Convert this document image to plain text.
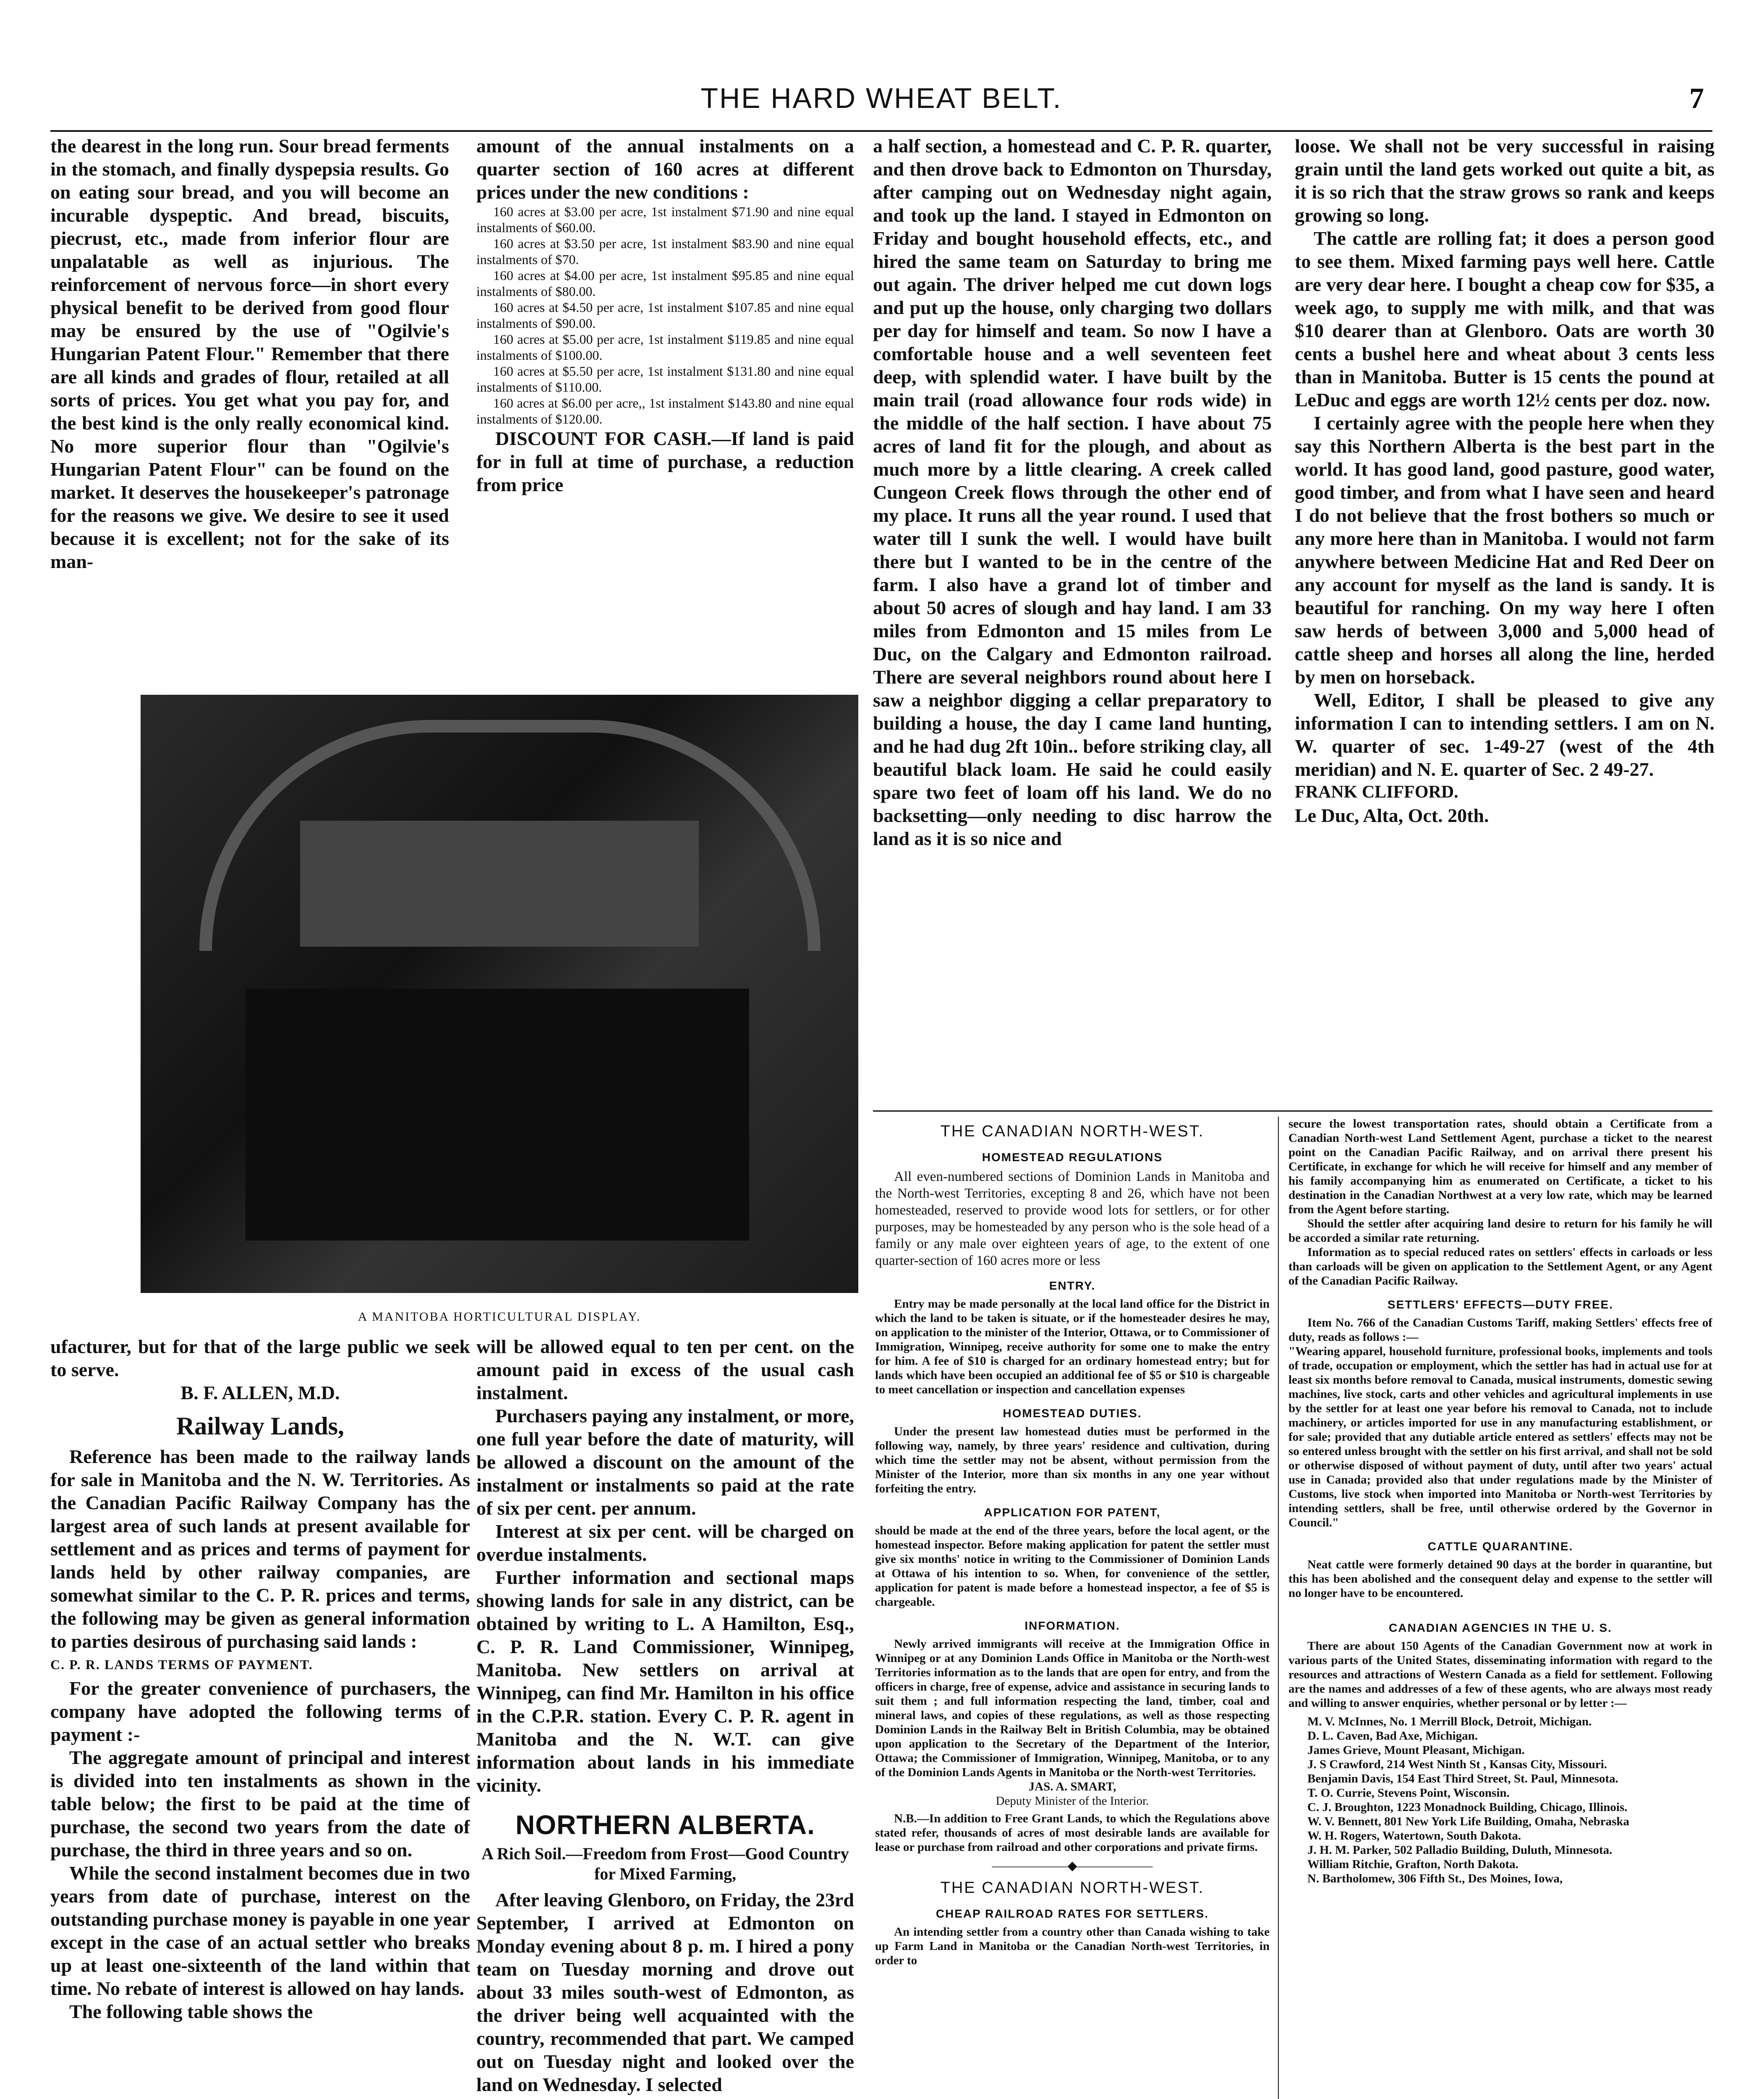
THE HARD WHEAT BELT.	7

the dearest in the long run. Sour bread ferments in the stomach, and finally dyspepsia results. Go on eating sour bread, and you will become an incurable dyspeptic. And bread, biscuits, piecrust, etc., made from inferior flour are unpalatable as well as injurious. The reinforcement of nervous force—in short every physical benefit to be derived from good flour may be ensured by the use of "Ogilvie's Hungarian Patent Flour." Remember that there are all kinds and grades of flour, retailed at all sorts of prices. You get what you pay for, and the best kind is the only really economical kind. No more superior flour than "Ogilvie's Hungarian Patent Flour" can be found on the market. It deserves the housekeeper's patronage for the reasons we give. We desire to see it used because it is excellent; not for the sake of its man-

amount of the annual instalments on a quarter section of 160 acres at different prices under the new conditions :

160 acres at $3.00 per acre, 1st instalment $71.90 and nine equal instalments of $60.00.

160 acres at $3.50 per acre, 1st instalment $83.90 and nine equal instalments of $70.

160 acres at $4.00 per acre, 1st instalment $95.85 and nine equal instalments of $80.00.

160 acres at $4.50 per acre, 1st instalment $107.85 and nine equal instalments of $90.00.

160 acres at $5.00 per acre, 1st instalment $119.85 and nine equal instalments of $100.00.

160 acres at $5.50 per acre, 1st instalment $131.80 and nine equal instalments of $110.00.

160 acres at $6.00 per acre,, 1st instalment $143.80 and nine equal instalments of $120.00.

DISCOUNT FOR CASH.—If land is paid for in full at time of purchase, a reduction from price

a half section, a homestead and C. P. R. quarter, and then drove back to Edmonton on Thursday, after camping out on Wednesday night again, and took up the land. I stayed in Edmonton on Friday and bought household effects, etc., and hired the same team on Saturday to bring me out again. The driver helped me cut down logs and put up the house, only charging two dollars per day for himself and team. So now I have a comfortable house and a well seventeen feet deep, with splendid water. I have built by the main trail (road allowance four rods wide) in the middle of the half section. I have about 75 acres of land fit for the plough, and about as much more by a little clearing. A creek called Cungeon Creek flows through the other end of my place. It runs all the year round. I used that water till I sunk the well. I would have built there but I wanted to be in the centre of the farm. I also have a grand lot of timber and about 50 acres of slough and hay land. I am 33 miles from Edmonton and 15 miles from Le Duc, on the Calgary and Edmonton railroad. There are several neighbors round about here I saw a neighbor digging a cellar preparatory to building a house, the day I came land hunting, and he had dug 2ft 10in.. before striking clay, all beautiful black loam. He said he could easily spare two feet of loam off his land. We do no backsetting—only needing to disc harrow the land as it is so nice and

loose. We shall not be very successful in raising grain until the land gets worked out quite a bit, as it is so rich that the straw grows so rank and keeps growing so long.

The cattle are rolling fat; it does a person good to see them. Mixed farming pays well here. Cattle are very dear here. I bought a cheap cow for $35, a week ago, to supply me with milk, and that was $10 dearer than at Glenboro. Oats are worth 30 cents a bushel here and wheat about 3 cents less than in Manitoba. Butter is 15 cents the pound at LeDuc and eggs are worth 12½ cents per doz. now.

I certainly agree with the people here when they say this Northern Alberta is the best part in the world. It has good land, good pasture, good water, good timber, and from what I have seen and heard I do not believe that the frost bothers so much or any more here than in Manitoba. I would not farm anywhere between Medicine Hat and Red Deer on any account for myself as the land is sandy. It is beautiful for ranching. On my way here I often saw herds of between 3,000 and 5,000 head of cattle sheep and horses all along the line, herded by men on horseback.

Well, Editor, I shall be pleased to give any information I can to intending settlers. I am on N. W. quarter of sec. 1-49-27 (west of the 4th meridian) and N. E. quarter of Sec. 2 49-27.

FRANK CLIFFORD.

Le Duc, Alta, Oct. 20th.

A MANITOBA HORTICULTURAL DISPLAY.

ufacturer, but for that of the large public we seek to serve.

B. F. ALLEN, M.D.

Railway Lands,

Reference has been made to the railway lands for sale in Manitoba and the N. W. Territories. As the Canadian Pacific Railway Company has the largest area of such lands at present available for settlement and as prices and terms of payment for lands held by other railway companies, are somewhat similar to the C. P. R. prices and terms, the following may be given as general information to parties desirous of purchasing said lands :

C. P. R. LANDS TERMS OF PAYMENT.

For the greater convenience of purchasers, the company have adopted the following terms of payment :-

The aggregate amount of principal and interest is divided into ten instalments as shown in the table below; the first to be paid at the time of purchase, the second two years from the date of purchase, the third in three years and so on.

While the second instalment becomes due in two years from date of purchase, interest on the outstanding purchase money is payable in one year except in the case of an actual settler who breaks up at least one-sixteenth of the land within that time. No rebate of interest is allowed on hay lands.

The following table shows the

will be allowed equal to ten per cent. on the amount paid in excess of the usual cash instalment.

Purchasers paying any instalment, or more, one full year before the date of maturity, will be allowed a discount on the amount of the instalment or instalments so paid at the rate of six per cent. per annum.

Interest at six per cent. will be charged on overdue instalments.

Further information and sectional maps showing lands for sale in any district, can be obtained by writing to L. A Hamilton, Esq., C. P. R. Land Commissioner, Winnipeg, Manitoba. New settlers on arrival at Winnipeg, can find Mr. Hamilton in his office in the C.P.R. station. Every C. P. R. agent in Manitoba and the N. W.T. can give information about lands in his immediate vicinity.

NORTHERN ALBERTA.
A Rich Soil.—Freedom from Frost—Good Country for Mixed Farming,

After leaving Glenboro, on Friday, the 23rd September, I arrived at Edmonton on Monday evening about 8 p. m. I hired a pony team on Tuesday morning and drove out about 33 miles south-west of Edmonton, as the driver being well acquainted with the country, recommended that part. We camped out on Tuesday night and looked over the land on Wednesday. I selected

THE CANADIAN NORTH-WEST.
HOMESTEAD REGULATIONS

All even-numbered sections of Dominion Lands in Manitoba and the North-west Territories, excepting 8 and 26, which have not been homesteaded, reserved to provide wood lots for settlers, or for other purposes, may be homesteaded by any person who is the sole head of a family or any male over eighteen years of age, to the extent of one quarter-section of 160 acres more or less

ENTRY.

Entry may be made personally at the local land office for the District in which the land to be taken is situate, or if the homesteader desires he may, on application to the minister of the Interior, Ottawa, or to Commissioner of Immigration, Winnipeg, receive authority for some one to make the entry for him. A fee of $10 is charged for an ordinary homestead entry; but for lands which have been occupied an additional fee of $5 or $10 is chargeable to meet cancellation or inspection and cancellation expenses

HOMESTEAD DUTIES.

Under the present law homestead duties must be performed in the following way, namely, by three years' residence and cultivation, during which time the settler may not be absent, without permission from the Minister of the Interior, more than six months in any one year without forfeiting the entry.

APPLICATION FOR PATENT,

should be made at the end of the three years, before the local agent, or the homestead inspector. Before making application for patent the settler must give six months' notice in writing to the Commissioner of Dominion Lands at Ottawa of his intention to so. When, for convenience of the settler, application for patent is made before a homestead inspector, a fee of $5 is chargeable.

INFORMATION.

Newly arrived immigrants will receive at the Immigration Office in Winnipeg or at any Dominion Lands Office in Manitoba or the North-west Territories information as to the lands that are open for entry, and from the officers in charge, free of expense, advice and assistance in securing lands to suit them ; and full information respecting the land, timber, coal and mineral laws, and copies of these regulations, as well as those respecting Dominion Lands in the Railway Belt in British Columbia, may be obtained upon application to the Secretary of the Department of the Interior, Ottawa; the Commissioner of Immigration, Winnipeg, Manitoba, or to any of the Dominion Lands Agents in Manitoba or the North-west Territories.

JAS. A. SMART,

Deputy Minister of the Interior.

N.B.—In addition to Free Grant Lands, to which the Regulations above stated refer, thousands of acres of most desirable lands are available for lease or purchase from railroad and other corporations and private firms.

——————◆——————
THE CANADIAN NORTH-WEST.
CHEAP RAILROAD RATES FOR SETTLERS.

An intending settler from a country other than Canada wishing to take up Farm Land in Manitoba or the Canadian North-west Territories, in order to

secure the lowest transportation rates, should obtain a Certificate from a Canadian North-west Land Settlement Agent, purchase a ticket to the nearest point on the Canadian Pacific Railway, and on arrival there present his Certificate, in exchange for which he will receive for himself and any member of his family accompanying him as enumerated on Certificate, a ticket to his destination in the Canadian Northwest at a very low rate, which may be learned from the Agent before starting.

Should the settler after acquiring land desire to return for his family he will be accorded a similar rate returning.

Information as to special reduced rates on settlers' effects in carloads or less than carloads will be given on application to the Settlement Agent, or any Agent of the Canadian Pacific Railway.

SETTLERS' EFFECTS—DUTY FREE.

Item No. 766 of the Canadian Customs Tariff, making Settlers' effects free of duty, reads as follows :—

"Wearing apparel, household furniture, professional books, implements and tools of trade, occupation or employment, which the settler has had in actual use for at least six months before removal to Canada, musical instruments, domestic sewing machines, live stock, carts and other vehicles and agricultural implements in use by the settler for at least one year before his removal to Canada, not to include machinery, or articles imported for use in any manufacturing establishment, or for sale; provided that any dutiable article entered as settlers' effects may not be so entered unless brought with the settler on his first arrival, and shall not be sold or otherwise disposed of without payment of duty, until after two years' actual use in Canada; provided also that under regulations made by the Minister of Customs, live stock when imported into Manitoba or North-west Territories by intending settlers, shall be free, until otherwise ordered by the Governor in Council."

CATTLE QUARANTINE.

Neat cattle were formerly detained 90 days at the border in quarantine, but this has been abolished and the consequent delay and expense to the settler will no longer have to be encountered.

CANADIAN AGENCIES IN THE U. S.

There are about 150 Agents of the Canadian Government now at work in various parts of the United States, disseminating information with regard to the resources and attractions of Western Canada as a field for settlement. Following are the names and addresses of a few of these agents, who are always most ready and willing to answer enquiries, whether personal or by letter :—

M. V. McInnes, No. 1 Merrill Block, Detroit, Michigan.

D. L. Caven, Bad Axe, Michigan.

James Grieve, Mount Pleasant, Michigan.

J. S Crawford, 214 West Ninth St , Kansas City, Missouri.

Benjamin Davis, 154 East Third Street, St. Paul, Minnesota.

T. O. Currie, Stevens Point, Wisconsin.

C. J. Broughton, 1223 Monadnock Building, Chicago, Illinois.

W. V. Bennett, 801 New York Life Building, Omaha, Nebraska

W. H. Rogers, Watertown, South Dakota.

J. H. M. Parker, 502 Palladio Building, Duluth, Minnesota.

William Ritchie, Grafton, North Dakota.

N. Bartholomew, 306 Fifth St., Des Moines, Iowa,
